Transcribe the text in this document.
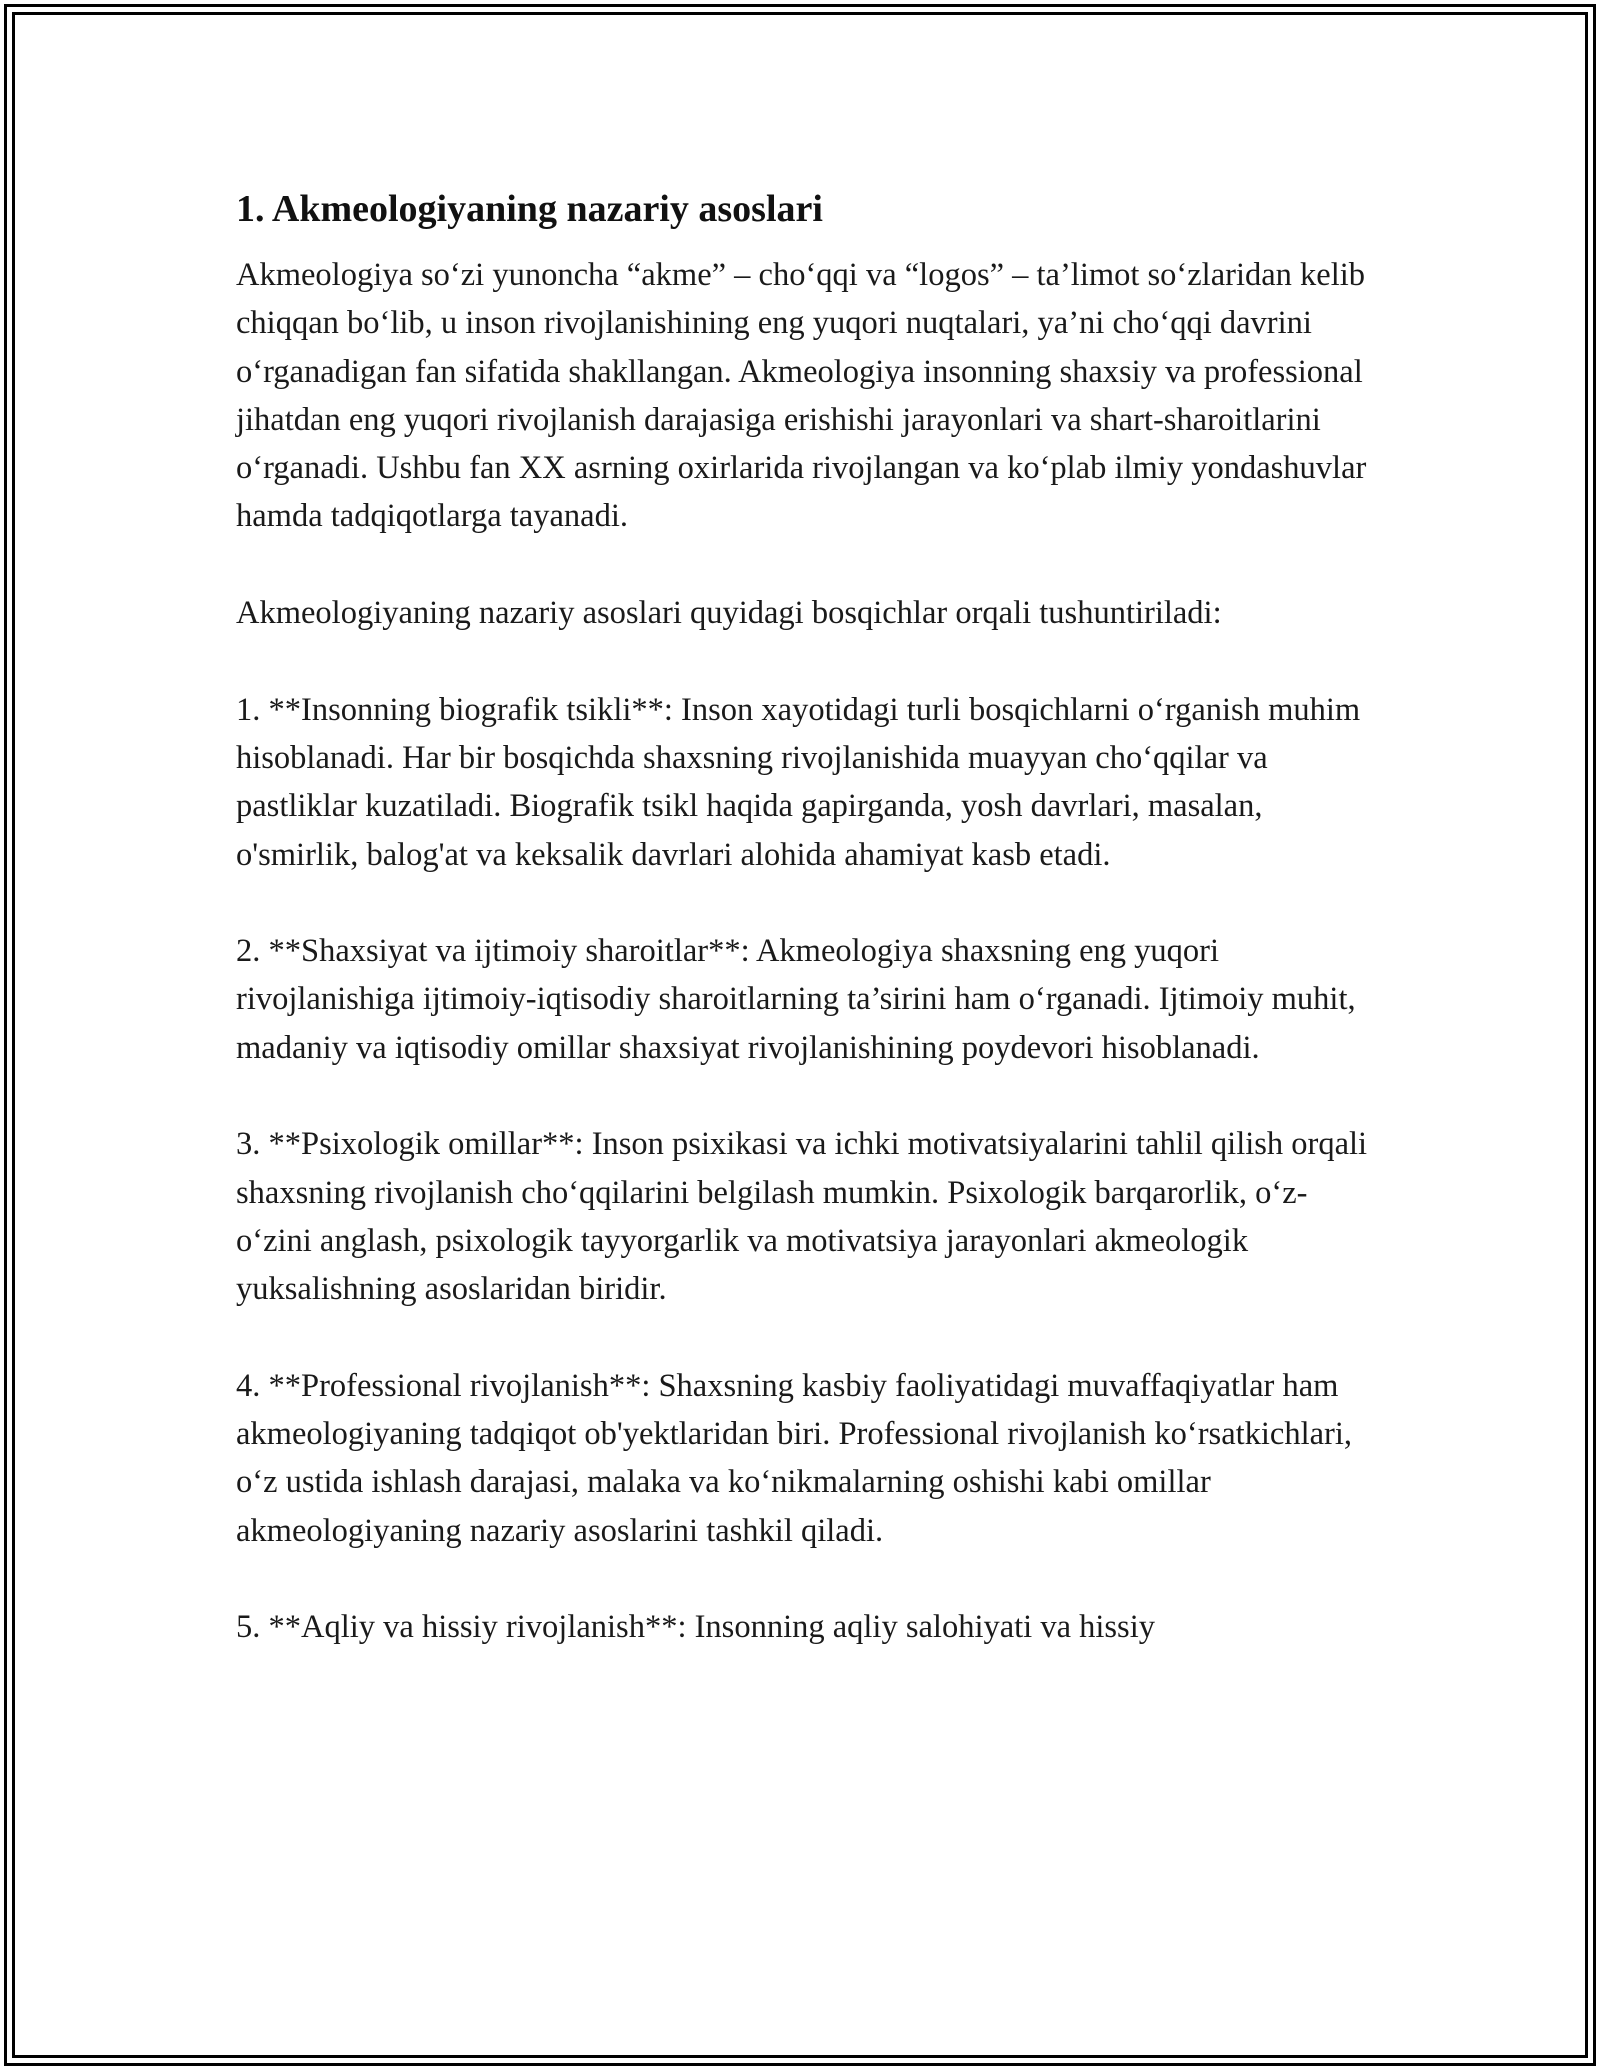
1. Akmeologiyaning nazariy asoslari

Akmeologiya so‘zi yunoncha “akme” – cho‘qqi va “logos” – ta’limot so‘zlaridan kelib chiqqan bo‘lib, u inson rivojlanishining eng yuqori nuqtalari, ya’ni cho‘qqi davrini o‘rganadigan fan sifatida shakllangan. Akmeologiya insonning shaxsiy va professional jihatdan eng yuqori rivojlanish darajasiga erishishi jarayonlari va shart-sharoitlarini o‘rganadi. Ushbu fan XX asrning oxirlarida rivojlangan va ko‘plab ilmiy yondashuvlar hamda tadqiqotlarga tayanadi.

Akmeologiyaning nazariy asoslari quyidagi bosqichlar orqali tushuntiriladi:

1. **Insonning biografik tsikli**: Inson xayotidagi turli bosqichlarni o‘rganish muhim hisoblanadi. Har bir bosqichda shaxsning rivojlanishida muayyan cho‘qqilar va pastliklar kuzatiladi. Biografik tsikl haqida gapirganda, yosh davrlari, masalan, o'smirlik, balog'at va keksalik davrlari alohida ahamiyat kasb etadi.

2. **Shaxsiyat va ijtimoiy sharoitlar**: Akmeologiya shaxsning eng yuqori rivojlanishiga ijtimoiy-iqtisodiy sharoitlarning ta’sirini ham o‘rganadi. Ijtimoiy muhit, madaniy va iqtisodiy omillar shaxsiyat rivojlanishining poydevori hisoblanadi.

3. **Psixologik omillar**: Inson psixikasi va ichki motivatsiyalarini tahlil qilish orqali shaxsning rivojlanish cho‘qqilarini belgilash mumkin. Psixologik barqarorlik, o‘z-o‘zini anglash, psixologik tayyorgarlik va motivatsiya jarayonlari akmeologik yuksalishning asoslaridan biridir.

4. **Professional rivojlanish**: Shaxsning kasbiy faoliyatidagi muvaffaqiyatlar ham akmeologiyaning tadqiqot ob'yektlaridan biri. Professional rivojlanish ko‘rsatkichlari, o‘z ustida ishlash darajasi, malaka va ko‘nikmalarning oshishi kabi omillar akmeologiyaning nazariy asoslarini tashkil qiladi.

5. **Aqliy va hissiy rivojlanish**: Insonning aqliy salohiyati va hissiy
